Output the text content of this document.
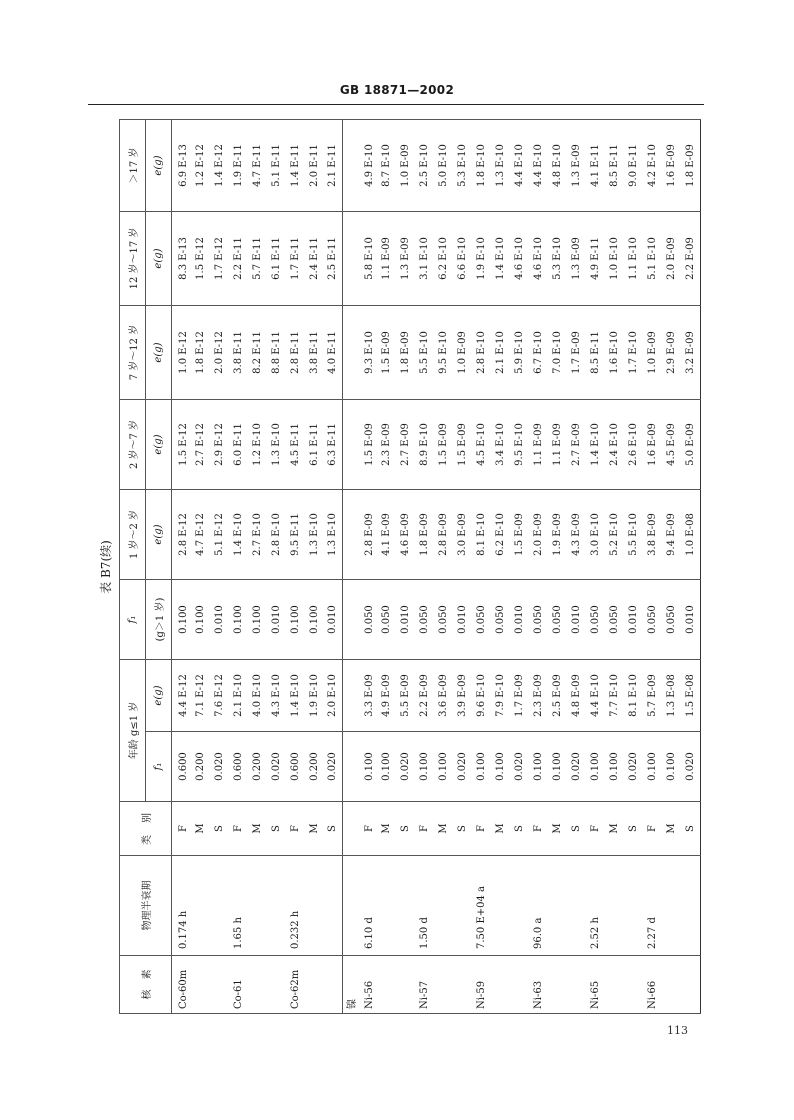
GB 18871—2002
表 B7(续)
核　素	物理半衰期	类　别	年龄 g≤1 岁		f₁	1 岁～2 岁	2 岁～7 岁	7 岁～12 岁	12 岁～17 岁	＞17 岁
			f₁	e(g)	(g＞1 岁)	e(g)	e(g)	e(g)	e(g)	e(g)
Co-60m	0.174 h	F	0.600	4.4 E-12	0.100	2.8 E-12	1.5 E-12	1.0 E-12	8.3 E-13	6.9 E-13
		M	0.200	7.1 E-12	0.100	4.7 E-12	2.7 E-12	1.8 E-12	1.5 E-12	1.2 E-12
		S	0.020	7.6 E-12	0.010	5.1 E-12	2.9 E-12	2.0 E-12	1.7 E-12	1.4 E-12
Co-61	1.65 h	F	0.600	2.1 E-10	0.100	1.4 E-10	6.0 E-11	3.8 E-11	2.2 E-11	1.9 E-11
		M	0.200	4.0 E-10	0.100	2.7 E-10	1.2 E-10	8.2 E-11	5.7 E-11	4.7 E-11
		S	0.020	4.3 E-10	0.010	2.8 E-10	1.3 E-10	8.8 E-11	6.1 E-11	5.1 E-11
Co-62m	0.232 h	F	0.600	1.4 E-10	0.100	9.5 E-11	4.5 E-11	2.8 E-11	1.7 E-11	1.4 E-11
		M	0.200	1.9 E-10	0.100	1.3 E-10	6.1 E-11	3.8 E-11	2.4 E-11	2.0 E-11
		S	0.020	2.0 E-10	0.010	1.3 E-10	6.3 E-11	4.0 E-11	2.5 E-11	2.1 E-11
镍										
Ni-56	6.10 d	F	0.100	3.3 E-09	0.050	2.8 E-09	1.5 E-09	9.3 E-10	5.8 E-10	4.9 E-10
		M	0.100	4.9 E-09	0.050	4.1 E-09	2.3 E-09	1.5 E-09	1.1 E-09	8.7 E-10
		S	0.020	5.5 E-09	0.010	4.6 E-09	2.7 E-09	1.8 E-09	1.3 E-09	1.0 E-09
Ni-57	1.50 d	F	0.100	2.2 E-09	0.050	1.8 E-09	8.9 E-10	5.5 E-10	3.1 E-10	2.5 E-10
		M	0.100	3.6 E-09	0.050	2.8 E-09	1.5 E-09	9.5 E-10	6.2 E-10	5.0 E-10
		S	0.020	3.9 E-09	0.010	3.0 E-09	1.5 E-09	1.0 E-09	6.6 E-10	5.3 E-10
Ni-59	7.50 E+04 a	F	0.100	9.6 E-10	0.050	8.1 E-10	4.5 E-10	2.8 E-10	1.9 E-10	1.8 E-10
		M	0.100	7.9 E-10	0.050	6.2 E-10	3.4 E-10	2.1 E-10	1.4 E-10	1.3 E-10
		S	0.020	1.7 E-09	0.010	1.5 E-09	9.5 E-10	5.9 E-10	4.6 E-10	4.4 E-10
Ni-63	96.0 a	F	0.100	2.3 E-09	0.050	2.0 E-09	1.1 E-09	6.7 E-10	4.6 E-10	4.4 E-10
		M	0.100	2.5 E-09	0.050	1.9 E-09	1.1 E-09	7.0 E-10	5.3 E-10	4.8 E-10
		S	0.020	4.8 E-09	0.010	4.3 E-09	2.7 E-09	1.7 E-09	1.3 E-09	1.3 E-09
Ni-65	2.52 h	F	0.100	4.4 E-10	0.050	3.0 E-10	1.4 E-10	8.5 E-11	4.9 E-11	4.1 E-11
		M	0.100	7.7 E-10	0.050	5.2 E-10	2.4 E-10	1.6 E-10	1.0 E-10	8.5 E-11
		S	0.020	8.1 E-10	0.010	5.5 E-10	2.6 E-10	1.7 E-10	1.1 E-10	9.0 E-11
Ni-66	2.27 d	F	0.100	5.7 E-09	0.050	3.8 E-09	1.6 E-09	1.0 E-09	5.1 E-10	4.2 E-10
		M	0.100	1.3 E-08	0.050	9.4 E-09	4.5 E-09	2.9 E-09	2.0 E-09	1.6 E-09
		S	0.020	1.5 E-08	0.010	1.0 E-08	5.0 E-09	3.2 E-09	2.2 E-09	1.8 E-09
113
